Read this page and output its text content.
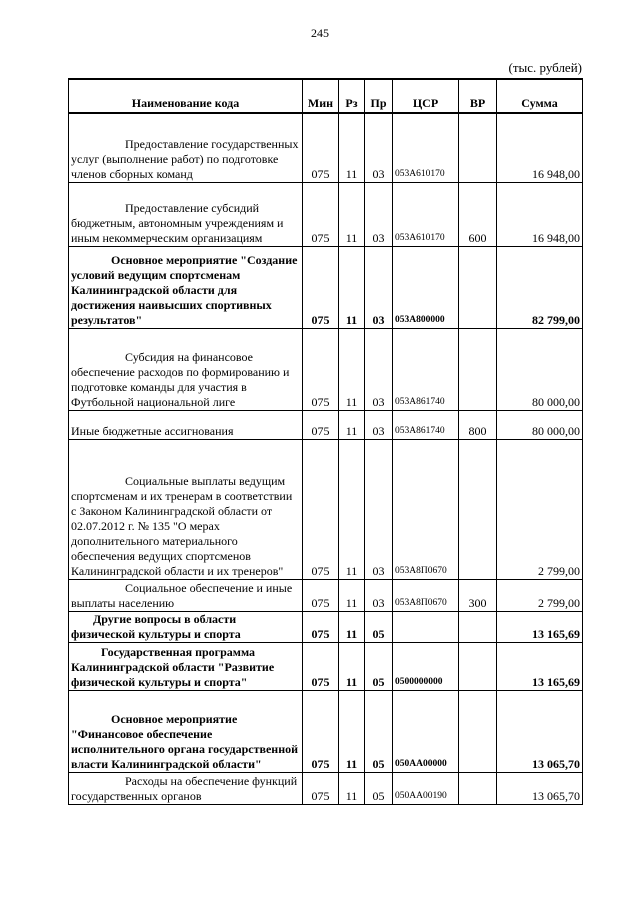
245
(тыс. рублей)
Наименование кода	Мин	Рз	Пр	ЦСР	ВР	Сумма
Предоставление государственных услуг (выполнение работ) по подготовке членов сборных команд	075	11	03	053А610170		16 948,00
Предоставление субсидий бюджетным, автономным учреждениям и иным некоммерческим организациям	075	11	03	053А610170	600	16 948,00
Основное мероприятие "Создание условий ведущим спортсменам Калининградской области для достижения наивысших спортивных результатов"	075	11	03	053А800000		82 799,00
Субсидия на финансовое обеспечение расходов по формированию и подготовке команды для участия в Футбольной национальной лиге	075	11	03	053А861740		80 000,00
Иные бюджетные ассигнования	075	11	03	053А861740	800	80 000,00
Социальные выплаты ведущим спортсменам и их тренерам в соответствии с Законом Калининградской области от 02.07.2012 г. № 135 "О мерах дополнительного материального обеспечения ведущих спортсменов Калининградской области и их тренеров"	075	11	03	053А8П0670		2 799,00
Социальное обеспечение и иные выплаты населению	075	11	03	053А8П0670	300	2 799,00
Другие вопросы в области физической культуры и спорта	075	11	05			13 165,69
Государственная программа Калининградской области "Развитие физической культуры и спорта"	075	11	05	0500000000		13 165,69
Основное мероприятие "Финансовое обеспечение исполнительного органа государственной власти Калининградской области"	075	11	05	050АА00000		13 065,70
Расходы на обеспечение функций государственных органов	075	11	05	050АА00190		13 065,70
